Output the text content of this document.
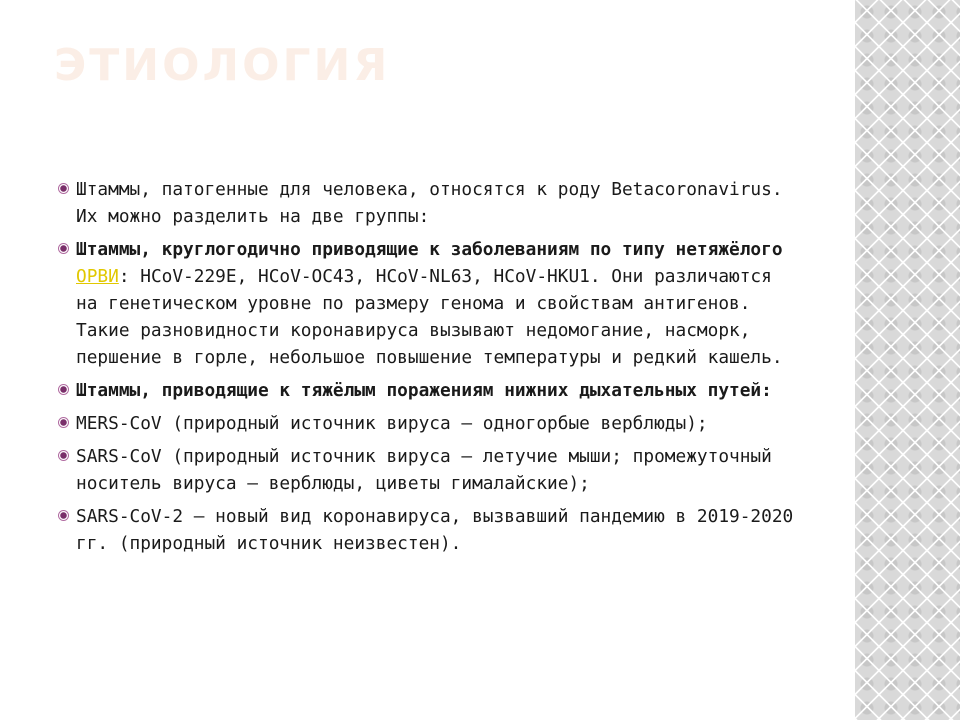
ЭТИОЛОГИЯ
Штаммы, патогенные для человека, относятся к роду Betacoronavirus. Их можно разделить на две группы:
Штаммы, круглогодично приводящие к заболеваниям по типу нетяжёлого ОРВИ: HCoV-229E, HCoV-OC43, HCoV-NL63, HCoV-HKU1. Они различаются на генетическом уровне по размеру генома и свойствам антигенов. Такие разновидности коронавируса вызывают недомогание, насморк, першение в горле, небольшое повышение температуры и редкий кашель.
Штаммы, приводящие к тяжёлым поражениям нижних дыхательных путей:
MERS-CoV (природный источник вируса — одногорбые верблюды);
SARS-CoV (природный источник вируса — летучие мыши; промежуточный носитель вируса — верблюды, циветы гималайские);
SARS-CoV-2 — новый вид коронавируса, вызвавший пандемию в 2019-2020 гг. (природный источник неизвестен).
